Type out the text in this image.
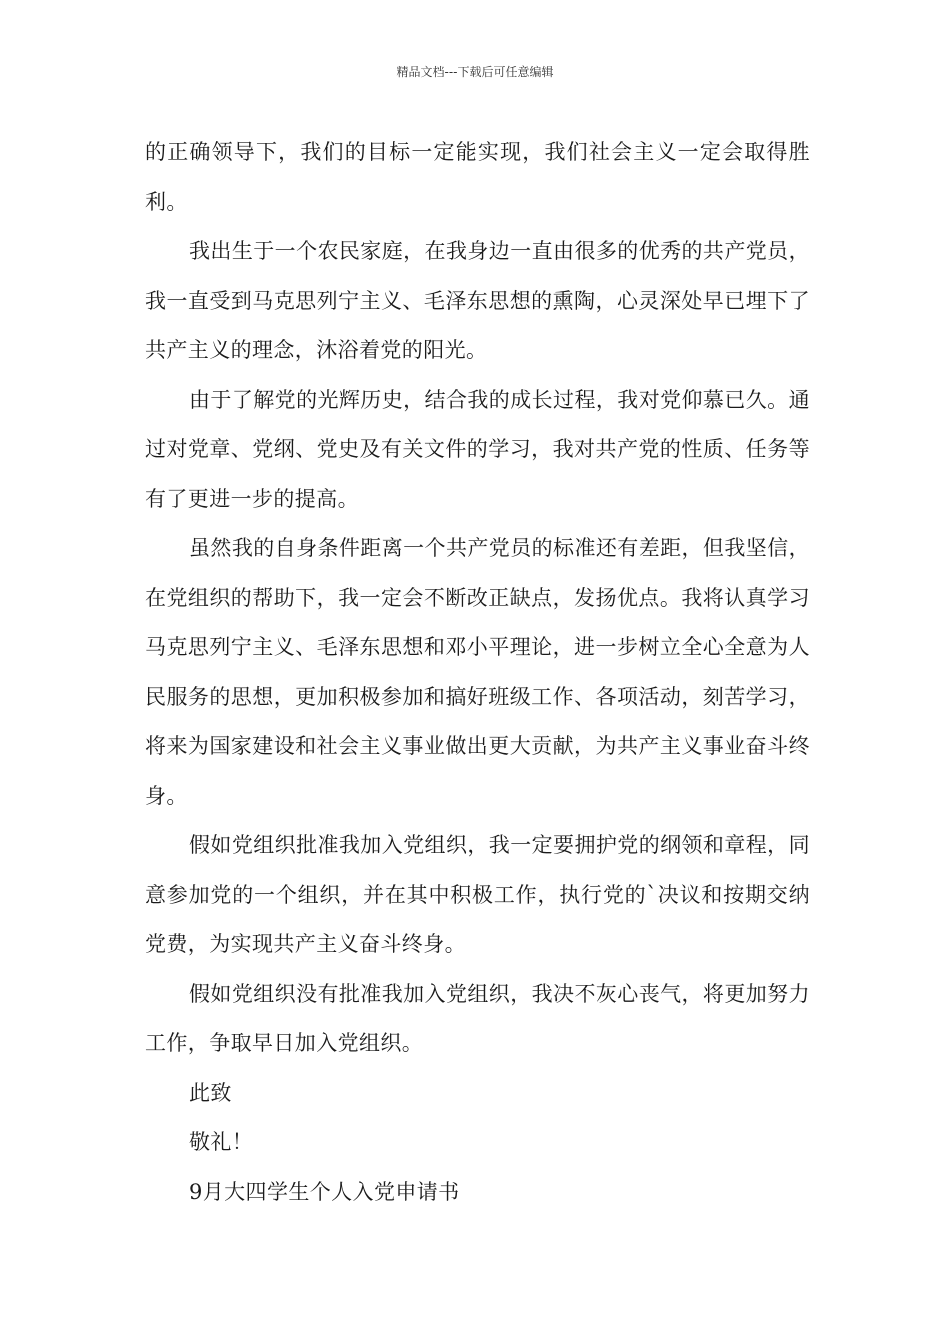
精品文档---下载后可任意编辑

的正确领导下，我们的目标一定能实现，我们社会主义一定会取得胜利。

我出生于一个农民家庭，在我身边一直由很多的优秀的共产党员，我一直受到马克思列宁主义、毛泽东思想的熏陶，心灵深处早已埋下了共产主义的理念，沐浴着党的阳光。

由于了解党的光辉历史，结合我的成长过程，我对党仰慕已久。通过对党章、党纲、党史及有关文件的学习，我对共产党的性质、任务等有了更进一步的提高。

虽然我的自身条件距离一个共产党员的标准还有差距，但我坚信，在党组织的帮助下，我一定会不断改正缺点，发扬优点。我将认真学习马克思列宁主义、毛泽东思想和邓小平理论，进一步树立全心全意为人民服务的思想，更加积极参加和搞好班级工作、各项活动，刻苦学习，将来为国家建设和社会主义事业做出更大贡献，为共产主义事业奋斗终身。

假如党组织批准我加入党组织，我一定要拥护党的纲领和章程，同意参加党的一个组织，并在其中积极工作，执行党的`决议和按期交纳党费，为实现共产主义奋斗终身。

假如党组织没有批准我加入党组织，我决不灰心丧气，将更加努力工作，争取早日加入党组织。

此致

敬礼！

9月大四学生个人入党申请书
